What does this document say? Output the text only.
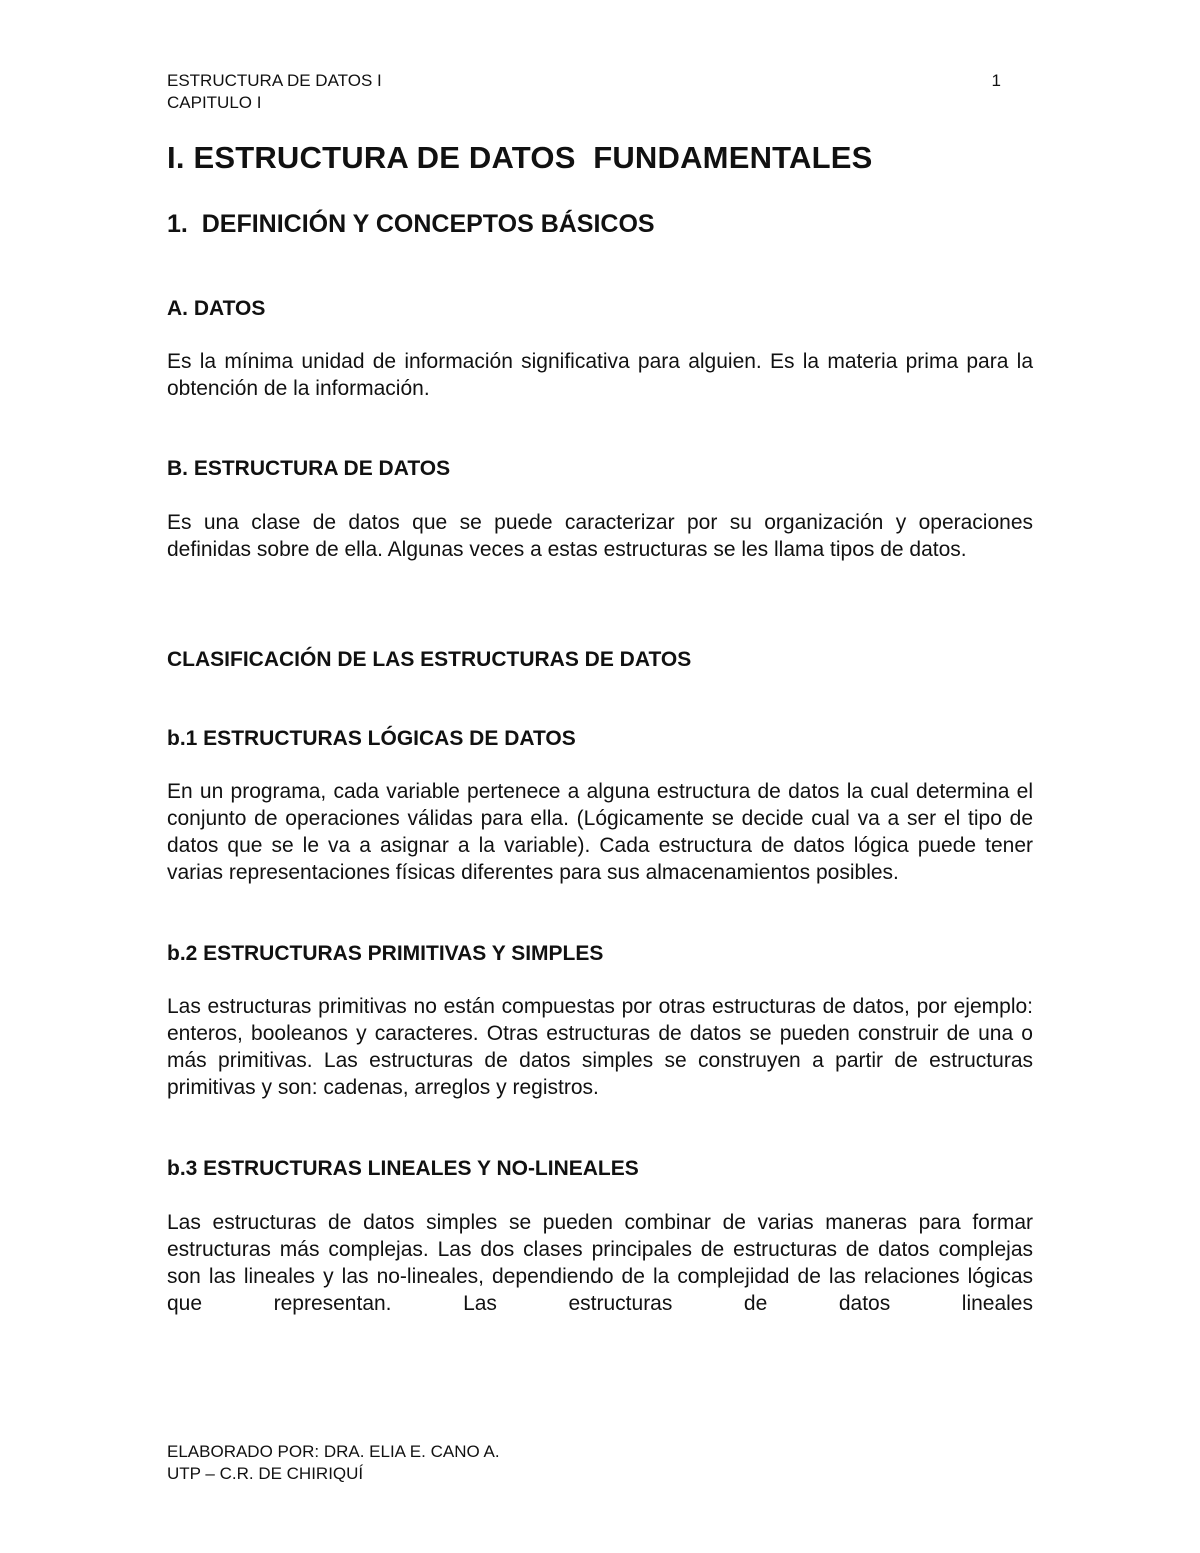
ESTRUCTURA DE DATOS I	1
CAPITULO I
I. ESTRUCTURA DE DATOS  FUNDAMENTALES
1.  DEFINICIÓN Y CONCEPTOS BÁSICOS
A. DATOS

Es la mínima unidad de información significativa para alguien. Es la materia prima para la obtención de la información.

B. ESTRUCTURA DE DATOS

Es una clase de datos que se puede caracterizar por su organización y operaciones definidas sobre de ella. Algunas veces a estas estructuras se les llama tipos de datos.

CLASIFICACIÓN DE LAS ESTRUCTURAS DE DATOS
b.1 ESTRUCTURAS LÓGICAS DE DATOS

En un programa, cada variable pertenece a alguna estructura de datos la cual determina el conjunto de operaciones válidas para ella. (Lógicamente se decide cual va a ser el tipo de datos que se le va a asignar a la variable). Cada estructura de datos lógica puede tener varias representaciones físicas diferentes para sus almacenamientos posibles.

b.2 ESTRUCTURAS PRIMITIVAS Y SIMPLES

Las estructuras primitivas no están compuestas por otras estructuras de datos, por ejemplo: enteros, booleanos y caracteres. Otras estructuras de datos se pueden construir de una o más primitivas. Las estructuras de datos simples se construyen a partir de estructuras primitivas y son: cadenas, arreglos y registros.

b.3 ESTRUCTURAS LINEALES Y NO-LINEALES

Las estructuras de datos simples se pueden combinar de varias maneras para formar estructuras más complejas. Las dos clases principales de estructuras de datos complejas son las lineales y las no-lineales, dependiendo de la complejidad de las relaciones lógicas que representan. Las estructuras de datos lineales

ELABORADO POR: DRA. ELIA E. CANO A.
UTP – C.R. DE CHIRIQUÍ
